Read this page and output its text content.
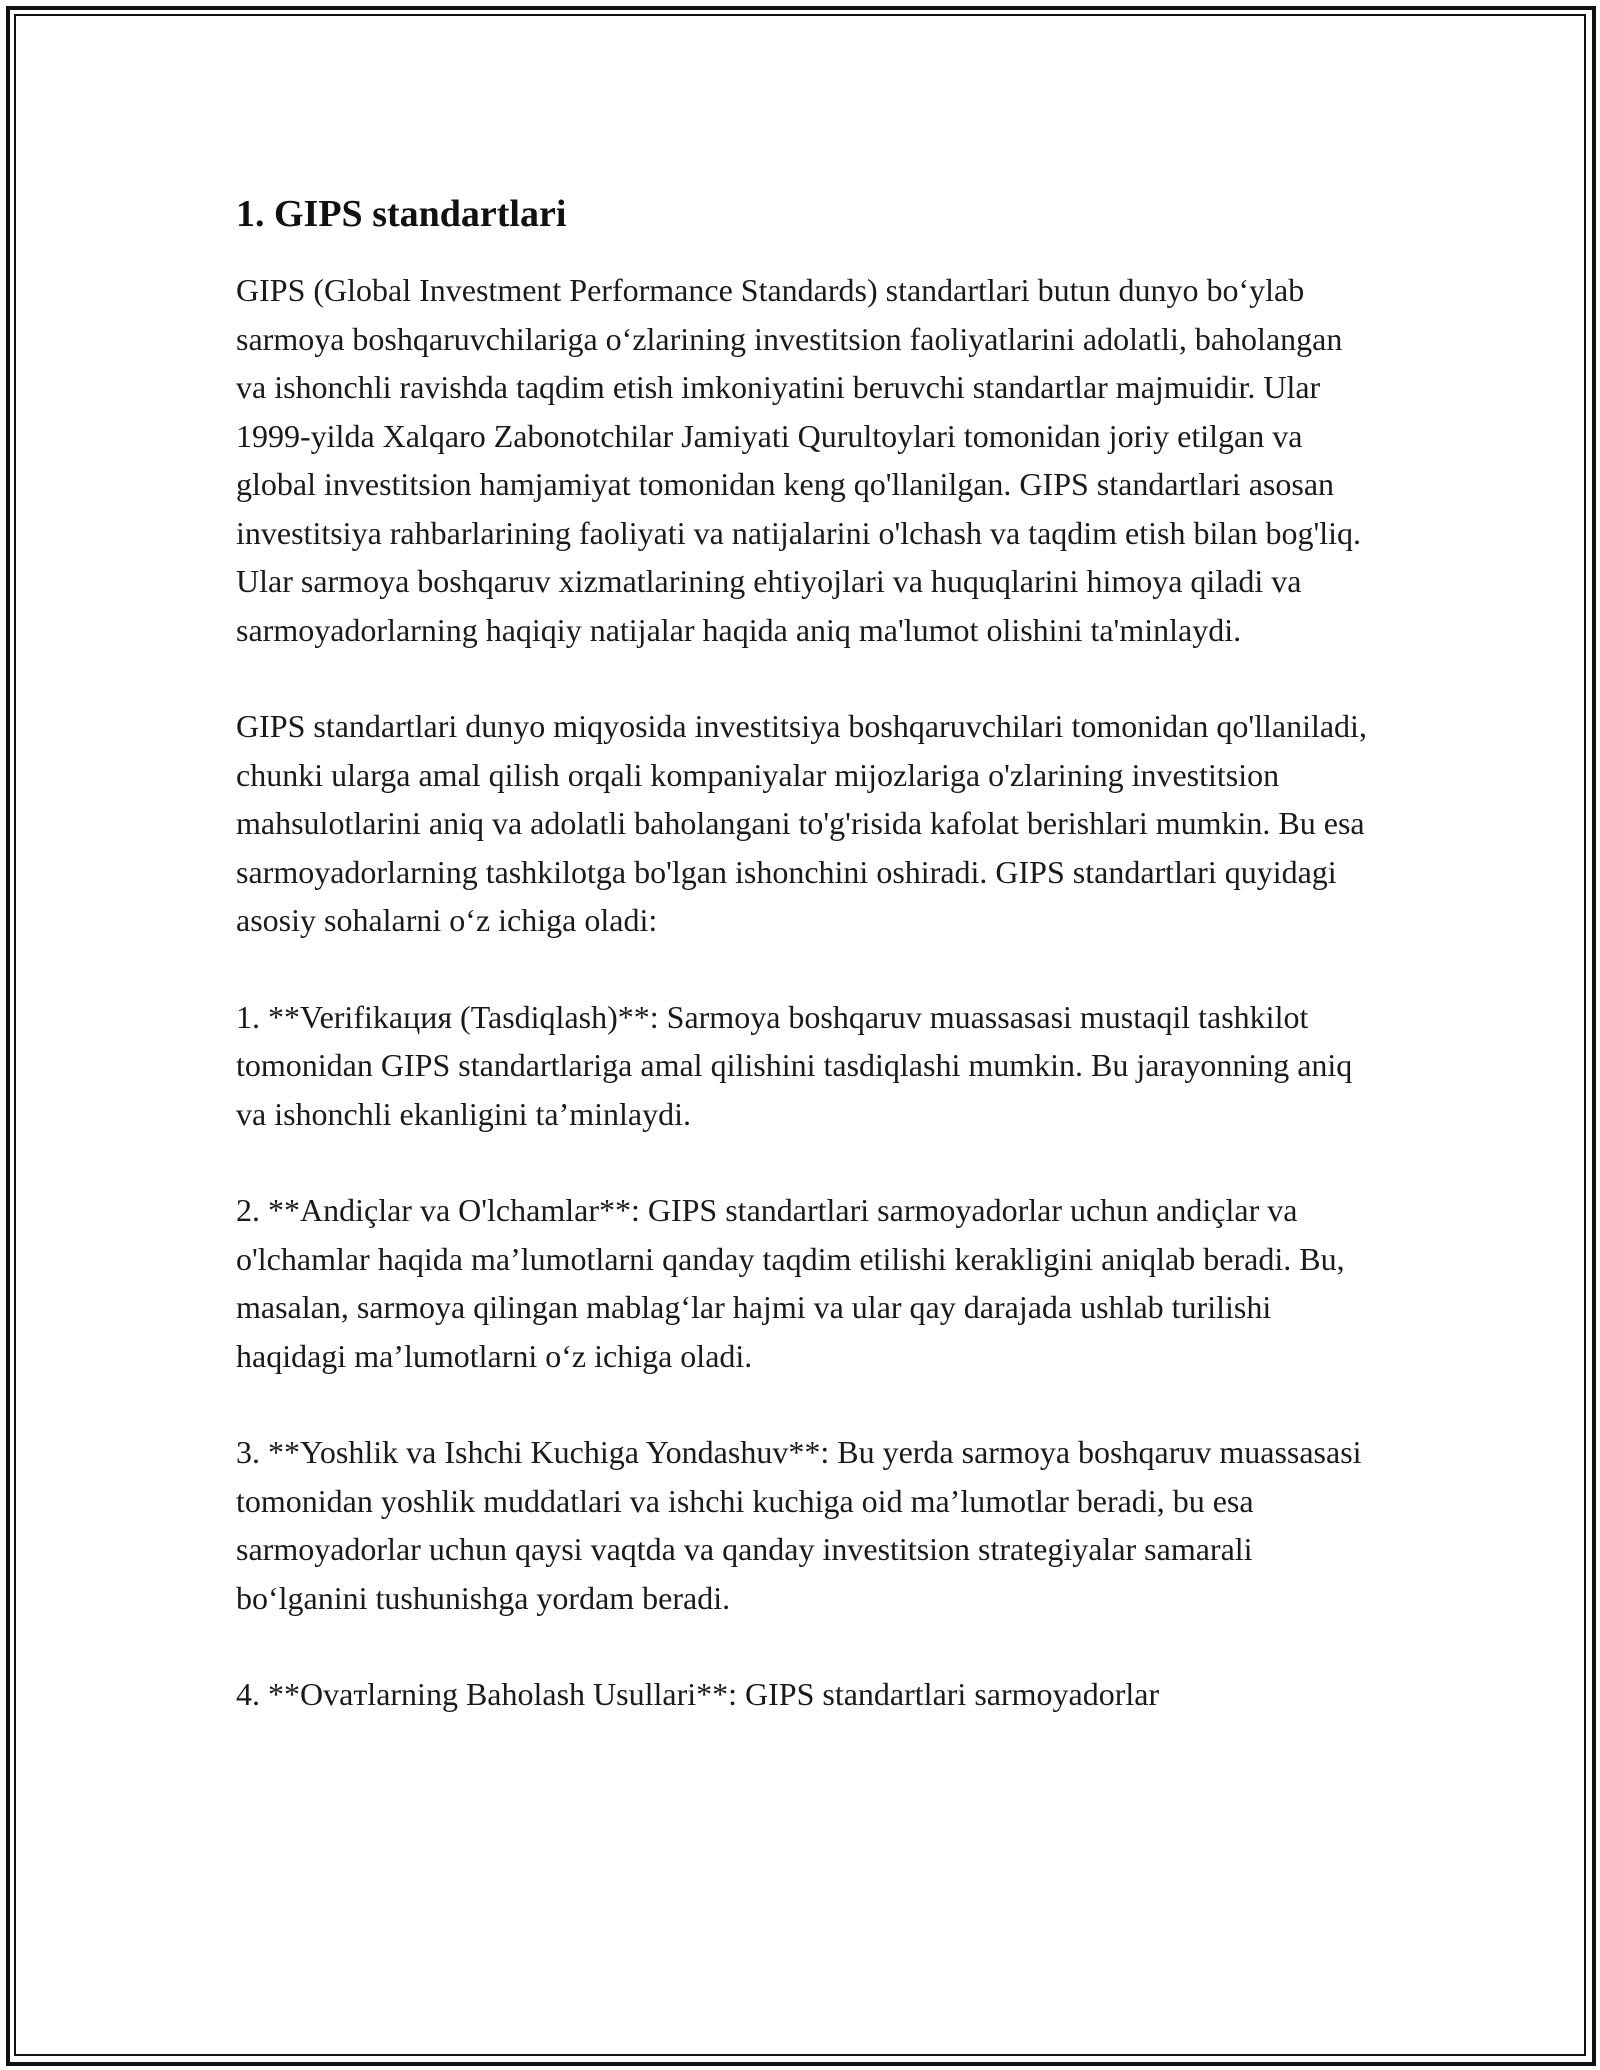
1. GIPS standartlari

GIPS (Global Investment Performance Standards) standartlari butun dunyo bo‘ylab sarmoya boshqaruvchilariga o‘zlarining investitsion faoliyatlarini adolatli, baholangan va ishonchli ravishda taqdim etish imkoniyatini beruvchi standartlar majmuidir. Ular 1999-yilda Xalqaro Zabonotchilar Jamiyati Qurultoylari tomonidan joriy etilgan va global investitsion hamjamiyat tomonidan keng qo'llanilgan. GIPS standartlari asosan investitsiya rahbarlarining faoliyati va natijalarini o'lchash va taqdim etish bilan bog'liq. Ular sarmoya boshqaruv xizmatlarining ehtiyojlari va huquqlarini himoya qiladi va sarmoyadorlarning haqiqiy natijalar haqida aniq ma'lumot olishini ta'minlaydi.

GIPS standartlari dunyo miqyosida investitsiya boshqaruvchilari tomonidan qo'llaniladi, chunki ularga amal qilish orqali kompaniyalar mijozlariga o'zlarining investitsion mahsulotlarini aniq va adolatli baholangani to'g'risida kafolat berishlari mumkin. Bu esa sarmoyadorlarning tashkilotga bo'lgan ishonchini oshiradi. GIPS standartlari quyidagi asosiy sohalarni o‘z ichiga oladi:

1. **Verifikация (Tasdiqlash)**: Sarmoya boshqaruv muassasasi mustaqil tashkilot tomonidan GIPS standartlariga amal qilishini tasdiqlashi mumkin. Bu jarayonning aniq va ishonchli ekanligini ta’minlaydi.

2. **Andiçlar va O'lchamlar**: GIPS standartlari sarmoyadorlar uchun andiçlar va o'lchamlar haqida ma’lumotlarni qanday taqdim etilishi kerakligini aniqlab beradi. Bu, masalan, sarmoya qilingan mablag‘lar hajmi va ular qay darajada ushlab turilishi haqidagi ma’lumotlarni o‘z ichiga oladi.

3. **Yoshlik va Ishchi Kuchiga Yondashuv**: Bu yerda sarmoya boshqaruv muassasasi tomonidan yoshlik muddatlari va ishchi kuchiga oid ma’lumotlar beradi, bu esa sarmoyadorlar uchun qaysi vaqtda va qanday investitsion strategiyalar samarali bo‘lganini tushunishga yordam beradi.

4. **Ovaтlarning Baholash Usullari**: GIPS standartlari sarmoyadorlar
